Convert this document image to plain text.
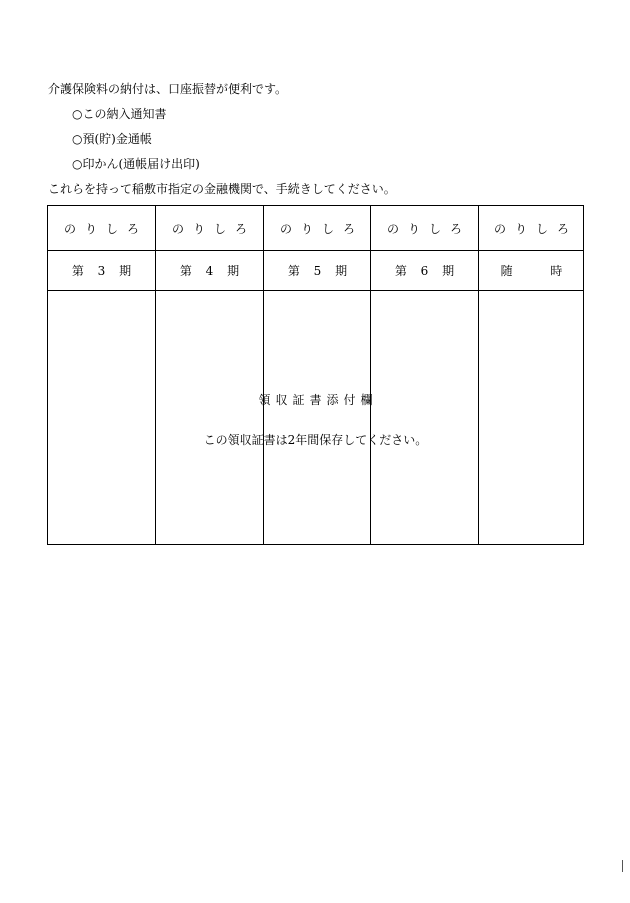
介護保険料の納付は、口座振替が便利です。
○この納入通知書
○預(貯)金通帳
○印かん(通帳届け出印)
これらを持って稲敷市指定の金融機関で、手続きしてください。
のりしろ	のりしろ	のりしろ	のりしろ	のりしろ
第 3 期	第 4 期	第 5 期	第 6 期	随 時
領収証書添付欄
この領収証書は2年間保存してください。
